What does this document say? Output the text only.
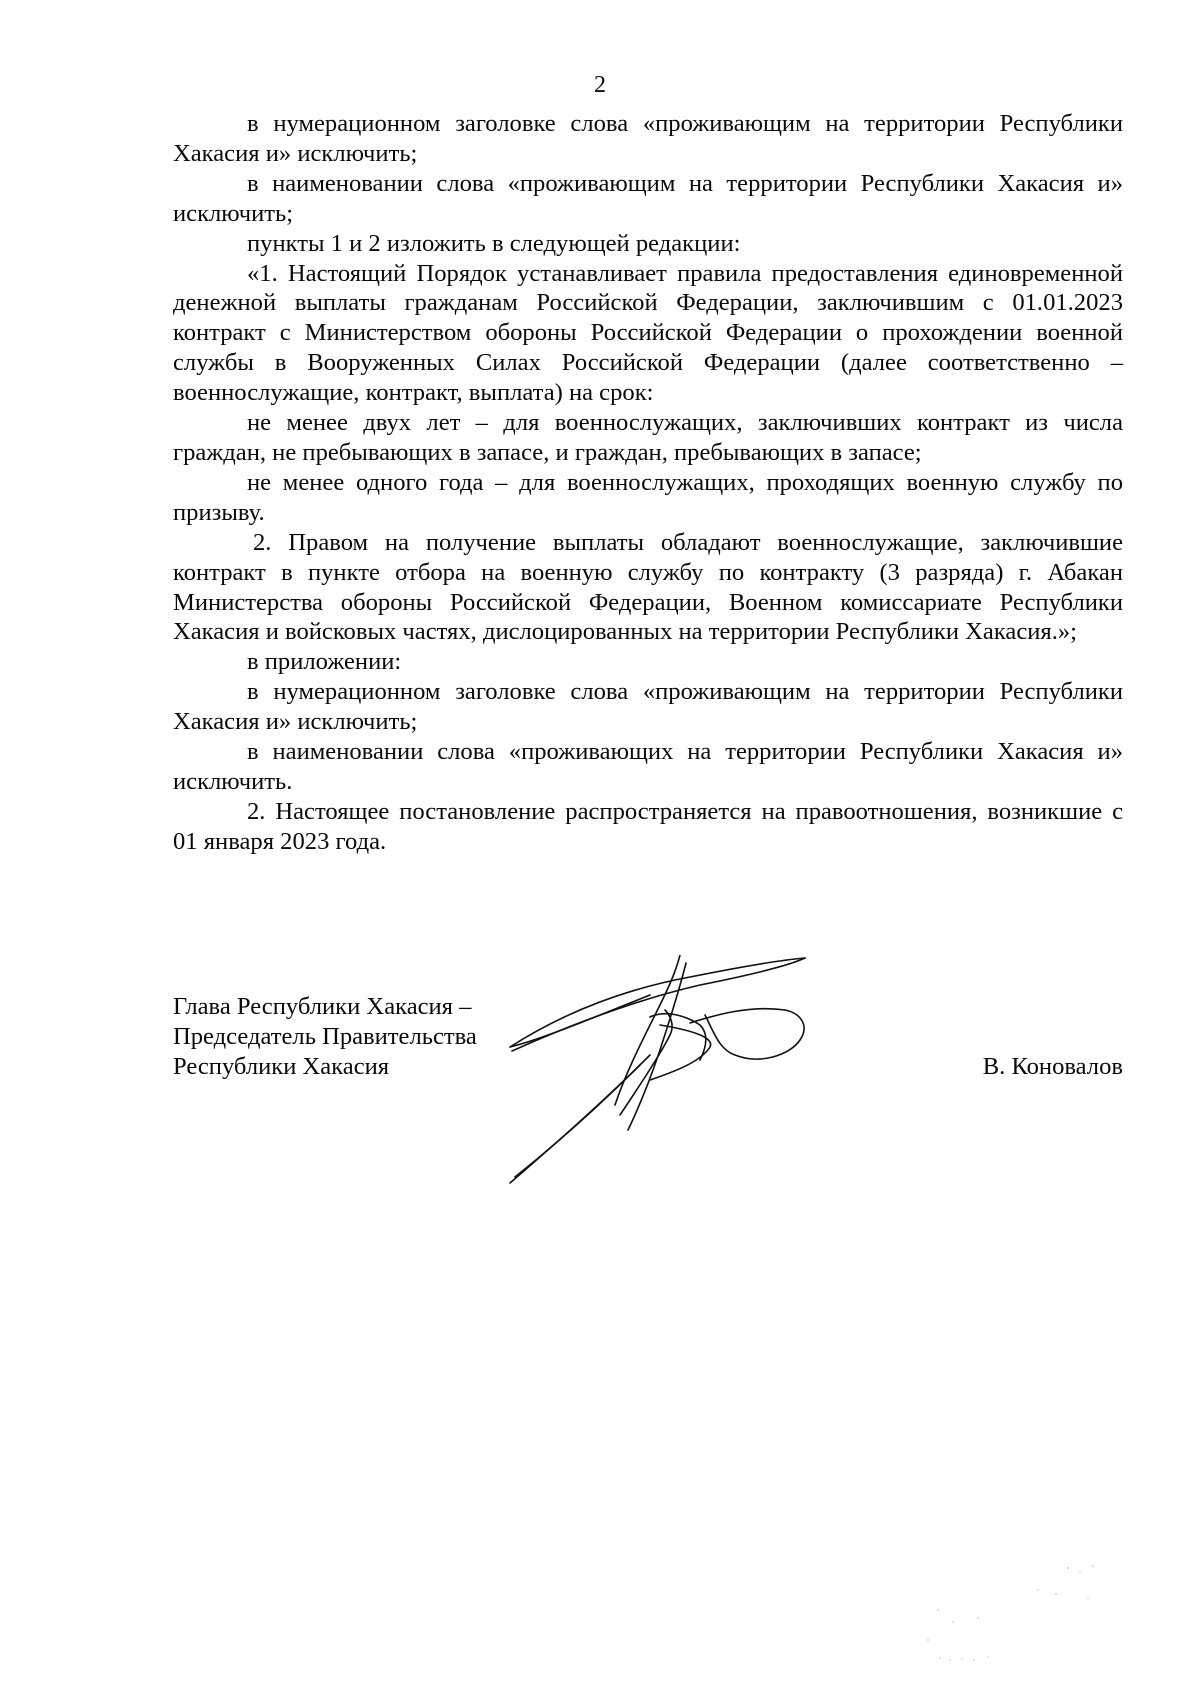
2

в нумерационном заголовке слова «проживающим на территории Республики Хакасия и» исключить;

в наименовании слова «проживающим на территории Республики Хакасия и» исключить;

пункты 1 и 2 изложить в следующей редакции:

«1. Настоящий Порядок устанавливает правила предоставления единовременной денежной выплаты гражданам Российской Федерации, заключившим с 01.01.2023 контракт с Министерством обороны Российской Федерации о прохождении военной службы в Вооруженных Силах Российской Федерации (далее соответственно – военнослужащие, контракт, выплата) на срок:

не менее двух лет – для военнослужащих, заключивших контракт из числа граждан, не пребывающих в запасе, и граждан, пребывающих в запасе;

не менее одного года – для военнослужащих, проходящих военную службу по призыву.

2. Правом на получение выплаты обладают военнослужащие, заключившие контракт в пункте отбора на военную службу по контракту (3 разряда) г. Абакан Министерства обороны Российской Федерации, Военном комиссариате Республики Хакасия и войсковых частях, дислоцированных на территории Республики Хакасия.»;

в приложении:

в нумерационном заголовке слова «проживающим на территории Республики Хакасия и» исключить;

в наименовании слова «проживающих на территории Республики Хакасия и» исключить.

2. Настоящее постановление распространяется на правоотношения, возникшие с 01 января 2023 года.

Глава Республики Хакасия –
Председатель Правительства
Республики Хакасия	В. Коновалов
